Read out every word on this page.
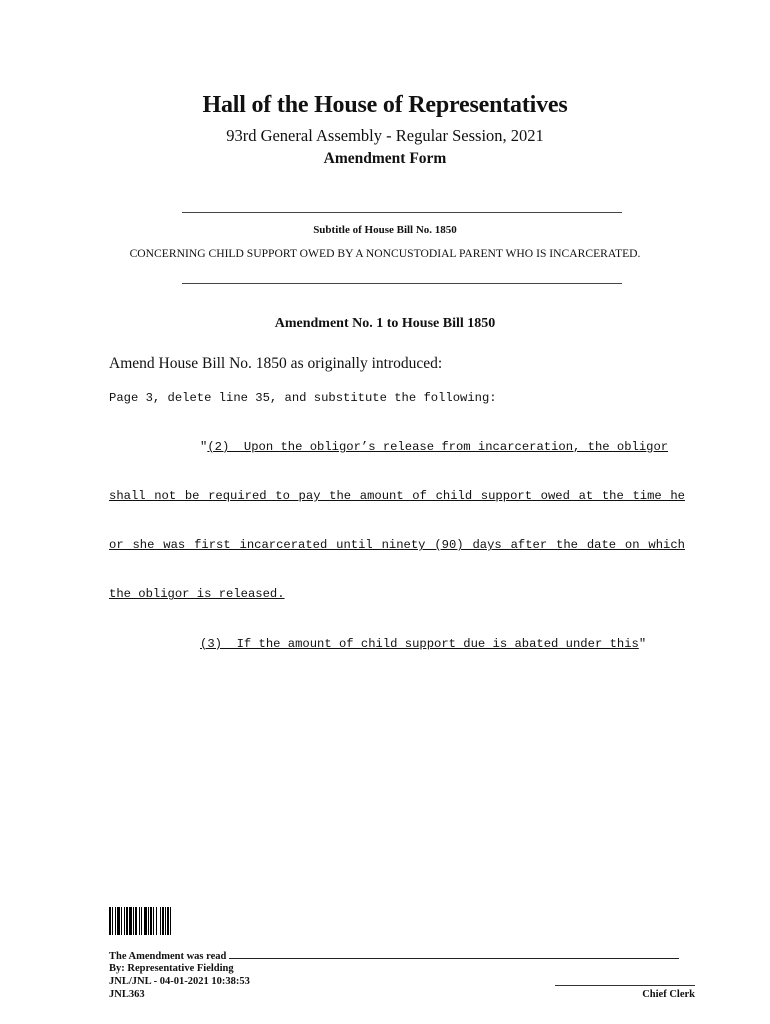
Hall of the House of Representatives
93rd General Assembly - Regular Session, 2021
Amendment Form
Subtitle of House Bill No. 1850
CONCERNING CHILD SUPPORT OWED BY A NONCUSTODIAL PARENT WHO IS INCARCERATED.
Amendment No. 1 to House Bill 1850
Amend House Bill No. 1850 as originally introduced:
Page 3, delete line 35, and substitute the following:

"(2)  Upon the obligor’s release from incarceration, the obligor

shall not be required to pay the amount of child support owed at the time he

or she was first incarcerated until ninety (90) days after the date on which

the obligor is released.

(3)  If the amount of child support due is abated under this"

The Amendment was read
By: Representative Fielding
JNL/JNL - 04-01-2021 10:38:53
JNL363	Chief Clerk
